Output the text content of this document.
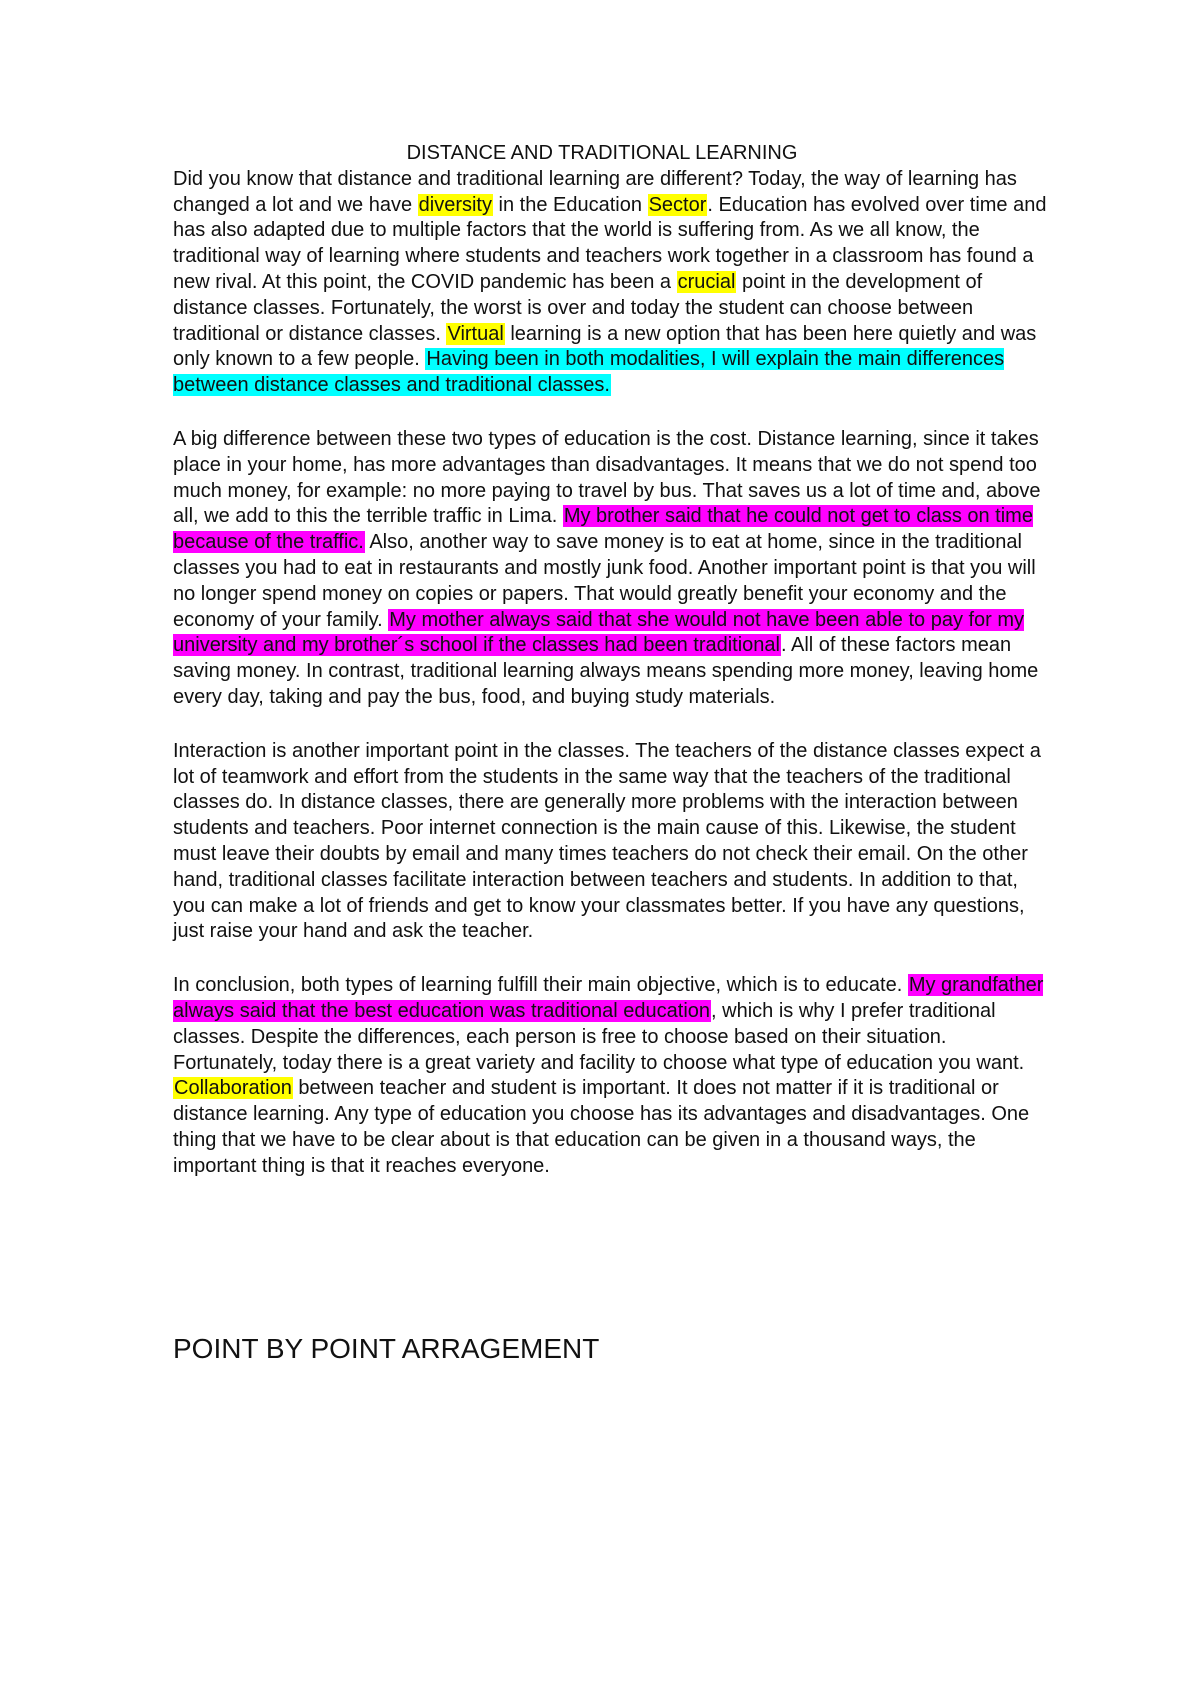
DISTANCE AND TRADITIONAL LEARNING

Did you know that distance and traditional learning are different? Today, the way of learning has changed a lot and we have diversity in the Education Sector. Education has evolved over time and has also adapted due to multiple factors that the world is suffering from. As we all know, the traditional way of learning where students and teachers work together in a classroom has found a new rival. At this point, the COVID pandemic has been a crucial point in the development of distance classes. Fortunately, the worst is over and today the student can choose between traditional or distance classes. Virtual learning is a new option that has been here quietly and was only known to a few people. Having been in both modalities, I will explain the main differences between distance classes and traditional classes.

A big difference between these two types of education is the cost. Distance learning, since it takes place in your home, has more advantages than disadvantages. It means that we do not spend too much money, for example: no more paying to travel by bus. That saves us a lot of time and, above all, we add to this the terrible traffic in Lima. My brother said that he could not get to class on time because of the traffic. Also, another way to save money is to eat at home, since in the traditional classes you had to eat in restaurants and mostly junk food. Another important point is that you will no longer spend money on copies or papers. That would greatly benefit your economy and the economy of your family. My mother always said that she would not have been able to pay for my university and my brother´s school if the classes had been traditional. All of these factors mean saving money. In contrast, traditional learning always means spending more money, leaving home every day, taking and pay the bus, food, and buying study materials.

Interaction is another important point in the classes. The teachers of the distance classes expect a lot of teamwork and effort from the students in the same way that the teachers of the traditional classes do. In distance classes, there are generally more problems with the interaction between students and teachers. Poor internet connection is the main cause of this. Likewise, the student must leave their doubts by email and many times teachers do not check their email. On the other hand, traditional classes facilitate interaction between teachers and students. In addition to that, you can make a lot of friends and get to know your classmates better. If you have any questions, just raise your hand and ask the teacher.

In conclusion, both types of learning fulfill their main objective, which is to educate. My grandfather always said that the best education was traditional education, which is why I prefer traditional classes. Despite the differences, each person is free to choose based on their situation. Fortunately, today there is a great variety and facility to choose what type of education you want. Collaboration between teacher and student is important. It does not matter if it is traditional or distance learning. Any type of education you choose has its advantages and disadvantages. One thing that we have to be clear about is that education can be given in a thousand ways, the important thing is that it reaches everyone.

POINT BY POINT ARRAGEMENT
